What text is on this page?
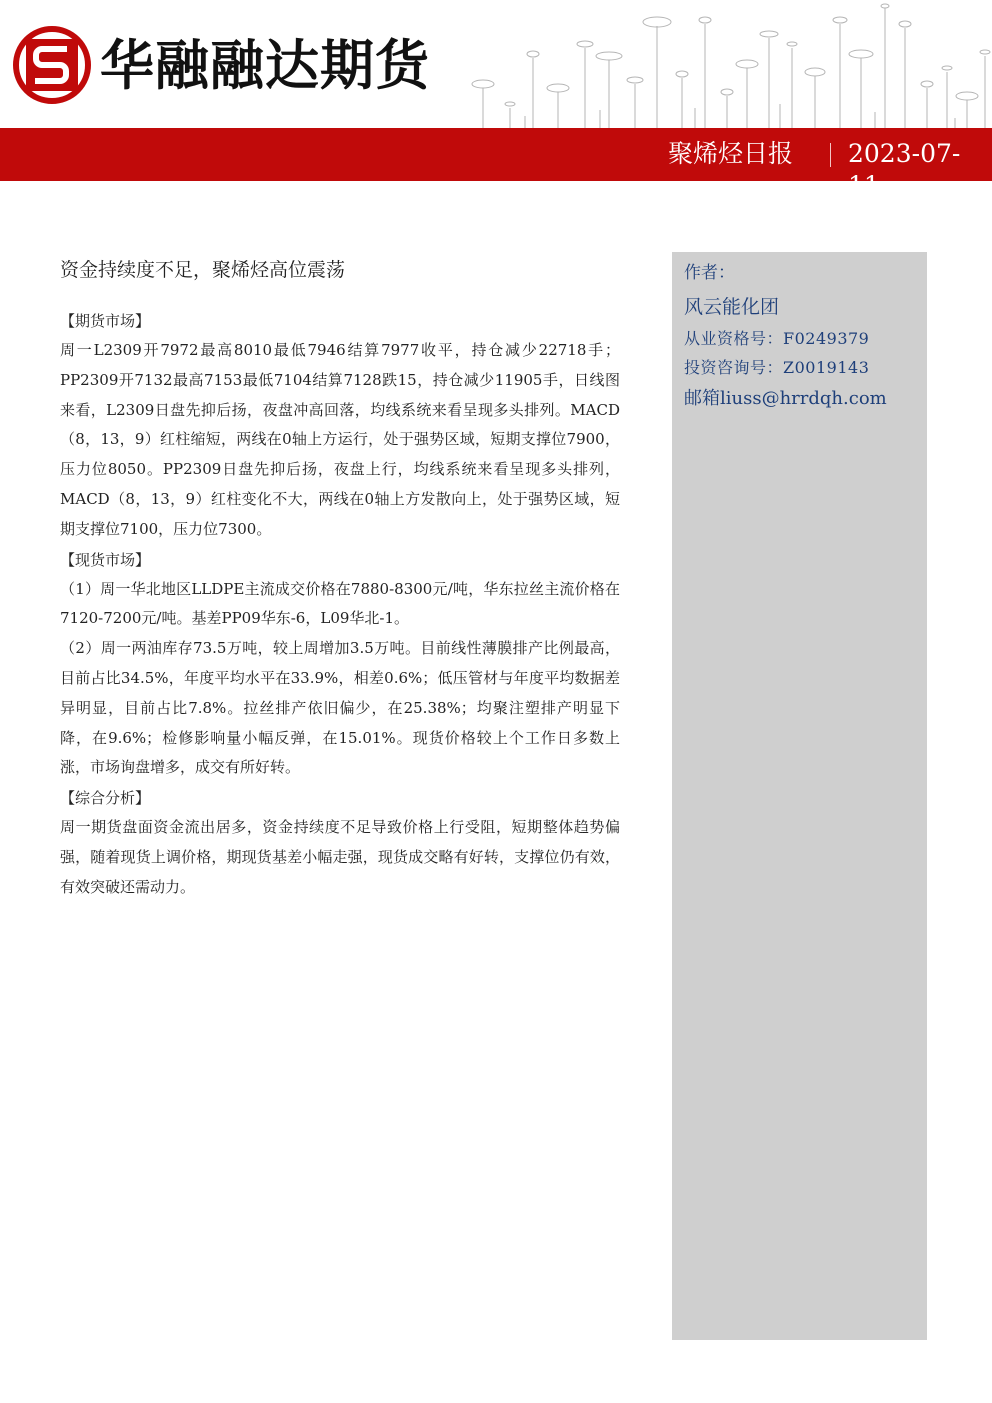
华融融达期货
聚烯烃日报 2023-07-11
资金持续度不足，聚烯烃高位震荡
【期货市场】
周一L2309开7972最高8010最低7946结算7977收平，持仓减少22718手；PP2309开7132最高7153最低7104结算7128跌15，持仓减少11905手，日线图来看，L2309日盘先抑后扬，夜盘冲高回落，均线系统来看呈现多头排列。MACD（8，13，9）红柱缩短，两线在0轴上方运行，处于强势区域，短期支撑位7900，压力位8050。PP2309日盘先抑后扬，夜盘上行，均线系统来看呈现多头排列，MACD（8，13，9）红柱变化不大，两线在0轴上方发散向上，处于强势区域，短期支撑位7100，压力位7300。
【现货市场】
（1）周一华北地区LLDPE主流成交价格在7880-8300元/吨，华东拉丝主流价格在7120-7200元/吨。基差PP09华东-6，L09华北-1。
（2）周一两油库存73.5万吨，较上周增加3.5万吨。目前线性薄膜排产比例最高，目前占比34.5%，年度平均水平在33.9%，相差0.6%；低压管材与年度平均数据差异明显，目前占比7.8%。拉丝排产依旧偏少，在25.38%；均聚注塑排产明显下降，在9.6%；检修影响量小幅反弹，在15.01%。现货价格较上个工作日多数上涨，市场询盘增多，成交有所好转。
【综合分析】
周一期货盘面资金流出居多，资金持续度不足导致价格上行受阻，短期整体趋势偏强，随着现货上调价格，期现货基差小幅走强，现货成交略有好转，支撑位仍有效，有效突破还需动力。
作者：
风云能化团
从业资格号：F0249379
投资咨询号：Z0019143
邮箱liuss@hrrdqh.com
